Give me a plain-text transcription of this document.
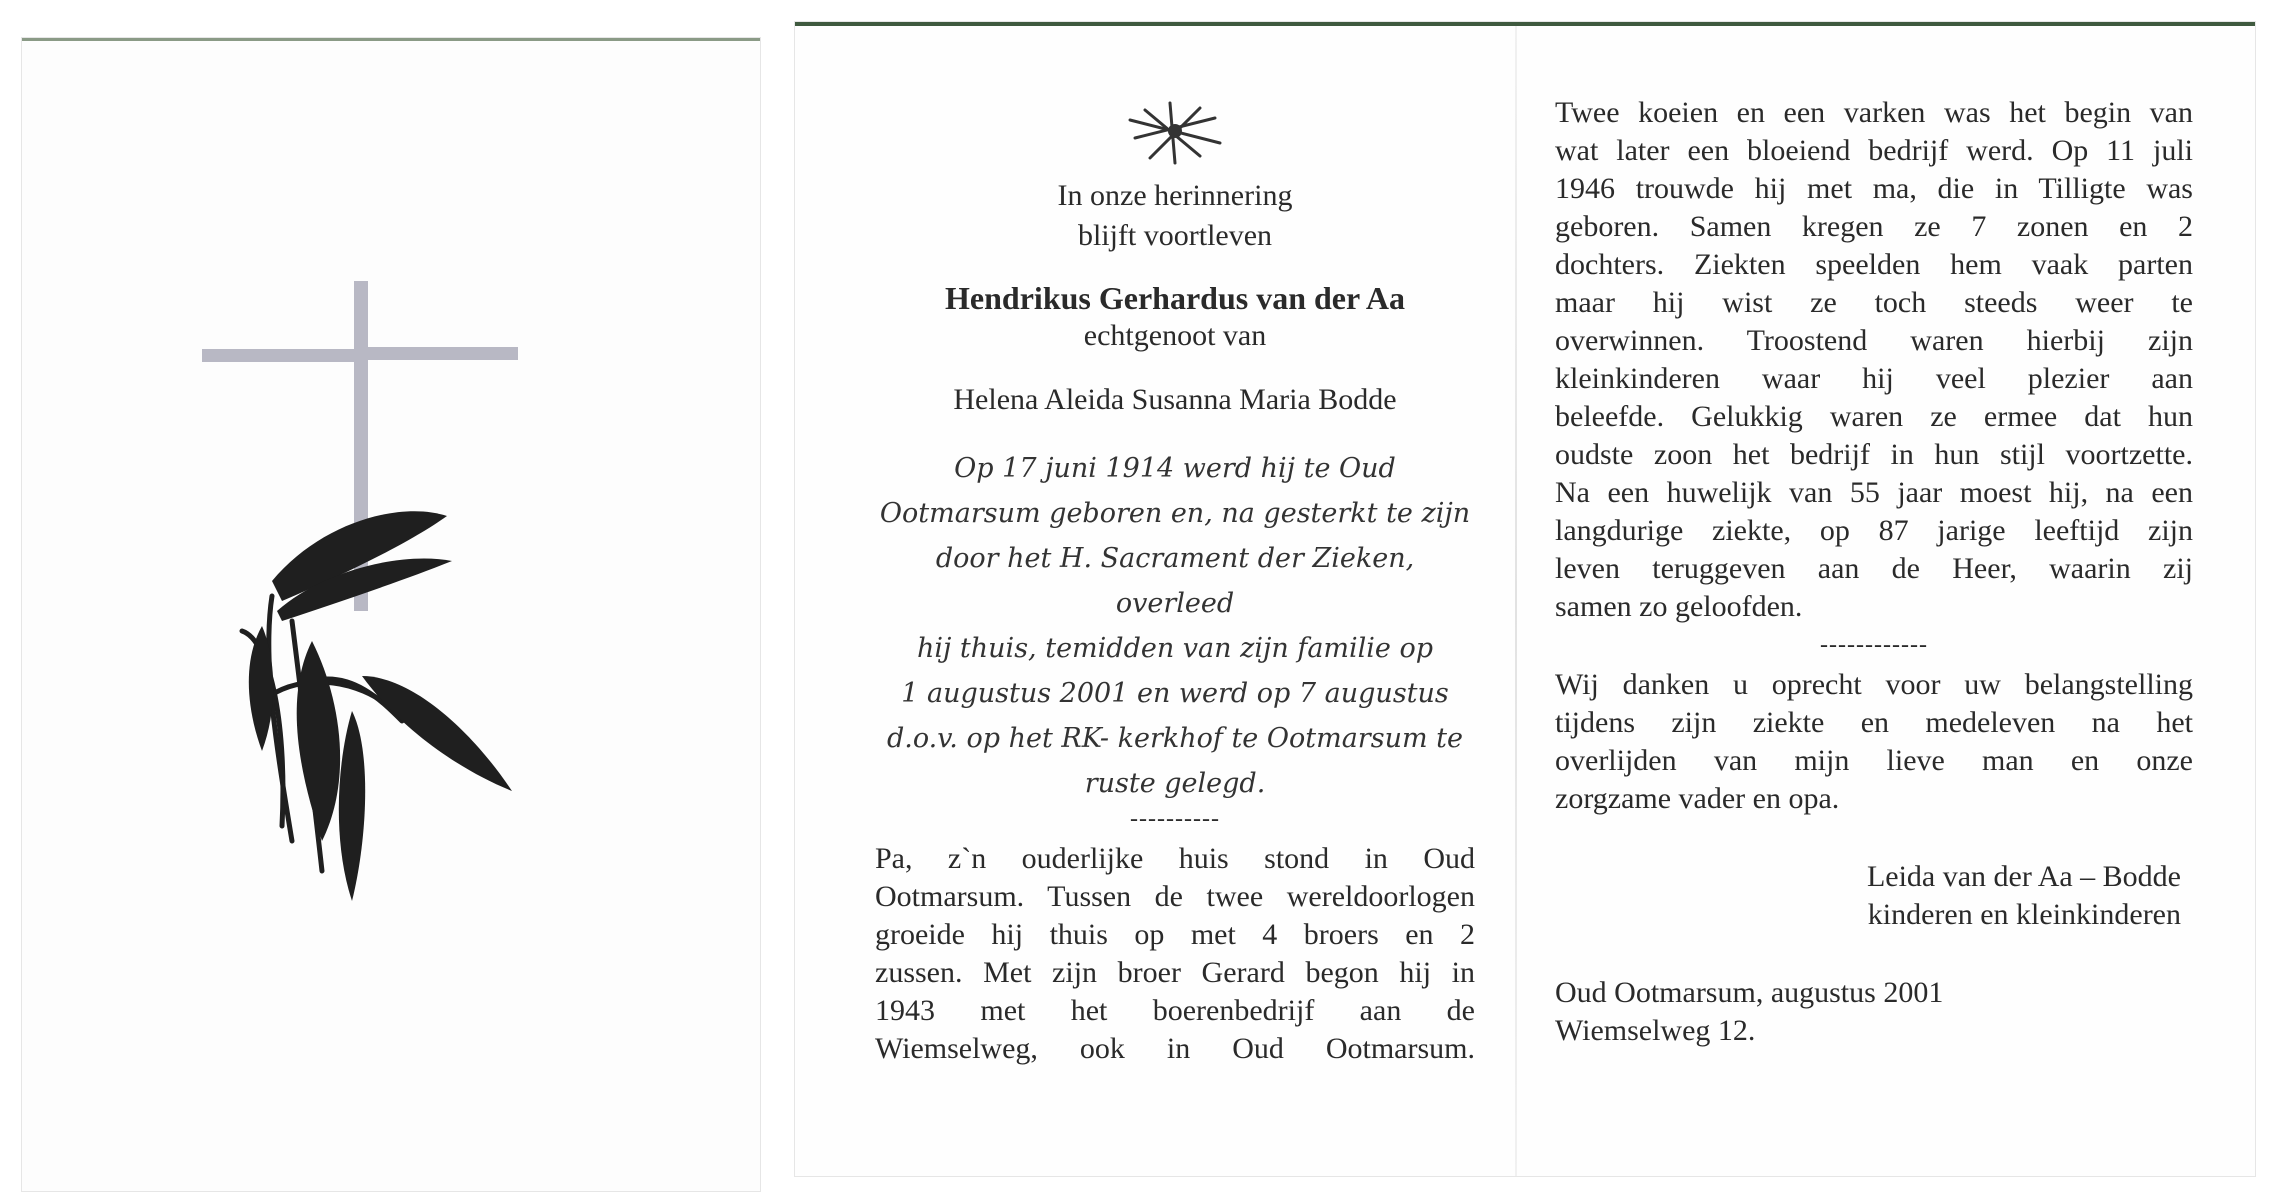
In onze herinnering
blijft voortleven
Hendrikus Gerhardus van der Aa
echtgenoot van
Helena Aleida Susanna Maria Bodde
Op 17 juni 1914 werd hij te Oud
Ootmarsum geboren en, na gesterkt te zijn
door het H. Sacrament der Zieken, overleed
hij thuis, temidden van zijn familie op
1 augustus 2001 en werd op 7 augustus
d.o.v. op het RK- kerkhof te Ootmarsum te
ruste gelegd.
----------
Pa, z`n ouderlijke huis stond in Oud
Ootmarsum. Tussen de twee wereldoorlogen
groeide hij thuis op met 4 broers en 2
zussen. Met zijn broer Gerard begon hij in
1943 met het boerenbedrijf aan de
Wiemselweg, ook in Oud Ootmarsum.
Twee koeien en een varken was het begin van
wat later een bloeiend bedrijf werd. Op 11 juli
1946 trouwde hij met ma, die in Tilligte was
geboren. Samen kregen ze 7 zonen en 2
dochters. Ziekten speelden hem vaak parten
maar hij wist ze toch steeds weer te
overwinnen. Troostend waren hierbij zijn
kleinkinderen waar hij veel plezier aan
beleefde. Gelukkig waren ze ermee dat hun
oudste zoon het bedrijf in hun stijl voortzette.
Na een huwelijk van 55 jaar moest hij, na een
langdurige ziekte, op 87 jarige leeftijd zijn
leven teruggeven aan de Heer, waarin zij
samen zo geloofden.
------------
Wij danken u oprecht voor uw belangstelling
tijdens zijn ziekte en medeleven na het
overlijden van mijn lieve man en onze
zorgzame vader en opa.
Leida van der Aa – Bodde
kinderen en kleinkinderen
Oud Ootmarsum, augustus 2001
Wiemselweg 12.
